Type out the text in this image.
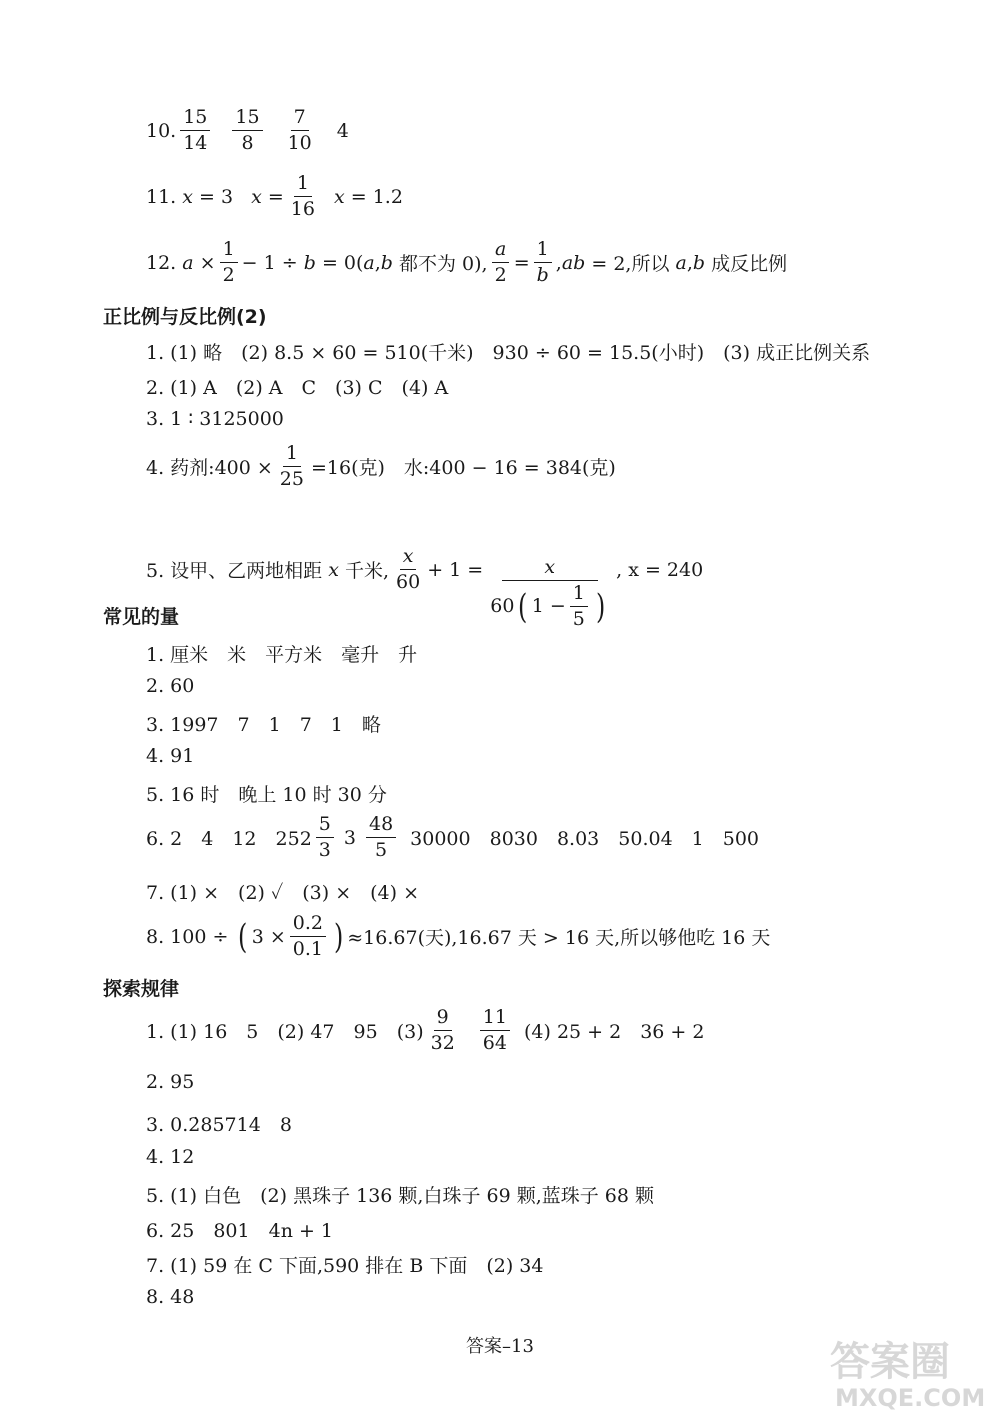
10. $\frac{15}{14} \frac{15}{8} \frac{7}{10} 4$
11.
x
= 3 x
= $\frac{1}{16}$ x
= 1.2
12.
a
× $\frac{1}{2} - 1$ ÷
b
= 0( a , b
都不为 0), $\frac{a}{2} = \frac{1}{b}$ , ab
= 2,所以
a , b
成反比例
正比例与反比例(2)
1. (1) 略　(2) 8.5 × 60 = 510(千米)　930 ÷ 60 = 15.5(小时)　(3) 成正比例关系
2. (1) A　(2) A　C　(3) C　(4) A
3. 1 ∶ 3125000
4. 药剂:400 × $\frac{1}{25} =16$(克)　水:400 − 16 = 384(克)
5. 设甲、乙两地相距
x
千米, $\frac{x}{60} + 1 = \frac{x}{60 ( 1 - \frac{1}{5} )}$ , x = 240
常见的量
1. 厘米　米　平方米　毫升　升
2. 60
3. 1997　7　1　7　1　略
4. 91
5. 16 时　晚上 10 时 30 分
6. 2　4　12　$252 \frac{5}{3} 3 \frac{48}{5} 30000$　8030　8.03　50.04　1　500
7. (1) ×　(2) ✓　(3) ×　(4) ×
8. 100 ÷
( $3 \times \frac{0.2}{0.1}$ ) ≈16.67(天),16.67 天 > 16 天,所以够他吃 16 天
探索规律
1. (1) 16　5　(2) 47　95　$(3) \frac{9}{32} \frac{11}{64} (4) 25 + 2$　36 + 2
2. 95
3. 0.2̇85714̇　8
4. 12
5. (1) 白色　(2) 黑珠子 136 颗,白珠子 69 颗,蓝珠子 68 颗
6. 25　801　4n + 1
7. (1) 59 在 C 下面,590 排在 B 下面　(2) 34
8. 48
答案–13	答案圈
MXQE.COM
